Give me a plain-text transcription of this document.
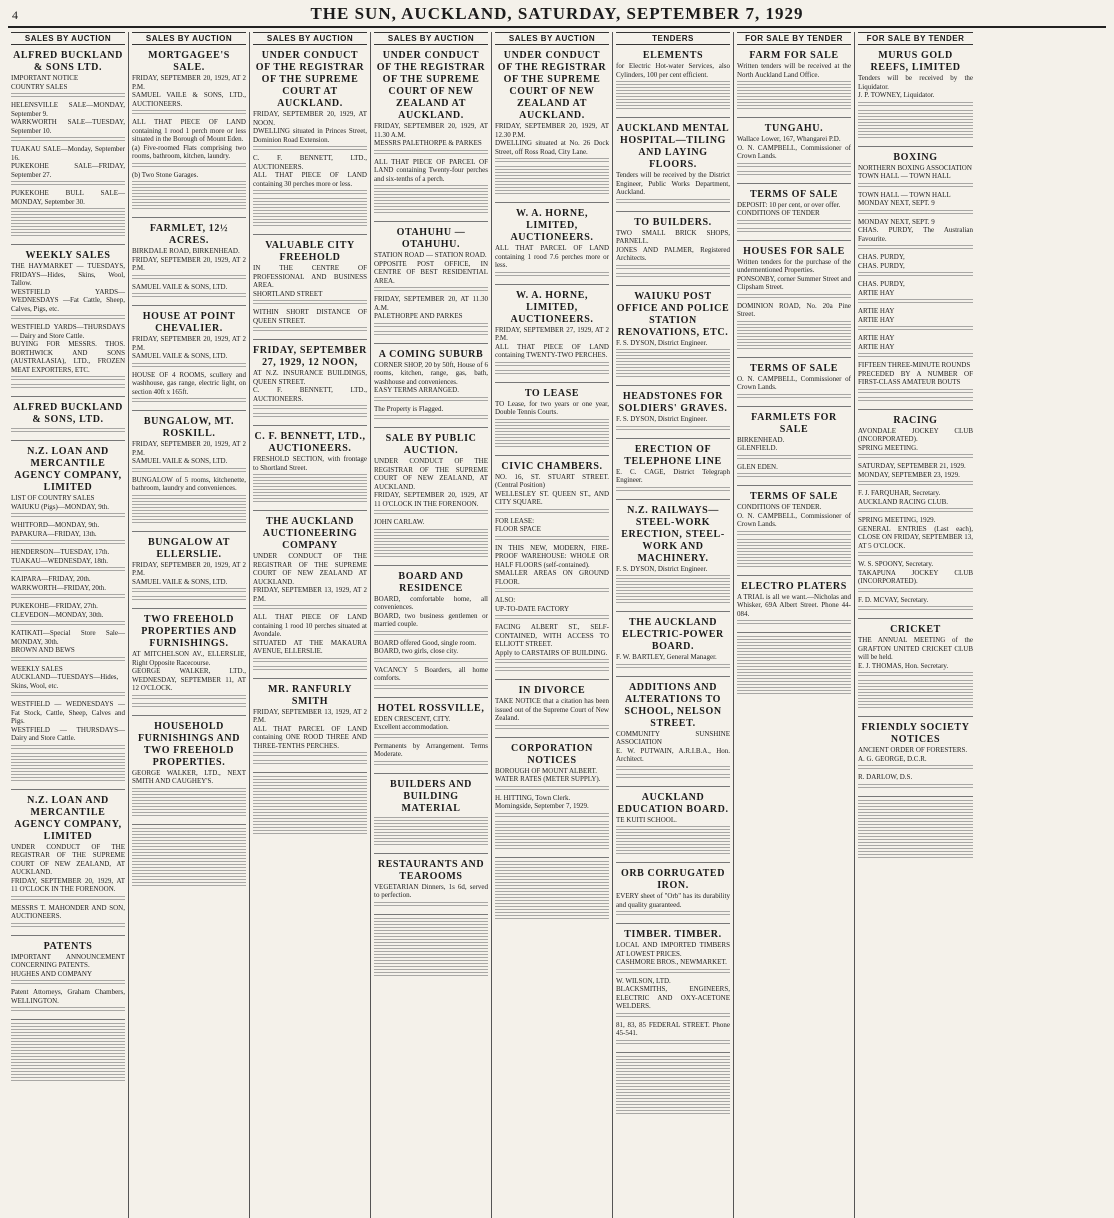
4	THE SUN, AUCKLAND, SATURDAY, SEPTEMBER 7, 1929
SALES BY AUCTION
ALFRED BUCKLAND & SONS LTD.
IMPORTANT NOTICE
COUNTRY SALES
HELENSVILLE SALE—MONDAY, September 9.
WARKWORTH SALE—TUESDAY, September 10.
TUAKAU SALE—Monday, September 16.
PUKEKOHE SALE—FRIDAY, September 27.
PUKEKOHE BULL SALE—MONDAY, September 30.
WEEKLY SALES
THE HAYMARKET — TUESDAYS, FRIDAYS—Hides, Skins, Wool, Tallow.
WESTFIELD YARDS—WEDNESDAYS —Fat Cattle, Sheep, Calves, Pigs, etc.
WESTFIELD YARDS—THURSDAYS— Dairy and Store Cattle.
BUYING FOR MESSRS. THOS. BORTHWICK AND SONS (AUSTRALASIA), LTD., FROZEN MEAT EXPORTERS, ETC.
ALFRED BUCKLAND & SONS, LTD.
N.Z. LOAN AND MERCANTILE AGENCY COMPANY, LIMITED
LIST OF COUNTRY SALES
WAIUKU (Pigs)—MONDAY, 9th.
WHITFORD—MONDAY, 9th.
PAPAKURA—FRIDAY, 13th.
HENDERSON—TUESDAY, 17th.
TUAKAU—WEDNESDAY, 18th.
KAIPARA—FRIDAY, 20th.
WARKWORTH—FRIDAY, 20th.
PUKEKOHE—FRIDAY, 27th.
CLEVEDON—MONDAY, 30th.
KATIKATI—Special Store Sale—MONDAY, 30th.
BROWN AND BEWS
WEEKLY SALES
AUCKLAND—TUESDAYS—Hides, Skins, Wool, etc.
WESTFIELD — WEDNESDAYS — Fat Stock, Cattle, Sheep, Calves and Pigs.
WESTFIELD — THURSDAYS— Dairy and Store Cattle.
N.Z. LOAN AND MERCANTILE AGENCY COMPANY, LIMITED
UNDER CONDUCT OF THE REGISTRAR OF THE SUPREME COURT OF NEW ZEALAND, AT AUCKLAND.
FRIDAY, SEPTEMBER 20, 1929, AT 11 O'CLOCK IN THE FORENOON.
MESSRS T. MAHONDER AND SON, AUCTIONEERS.
PATENTS
IMPORTANT ANNOUNCEMENT CONCERNING PATENTS.
HUGHES AND COMPANY
Patent Attorneys, Graham Chambers, WELLINGTON.
SALES BY AUCTION
MORTGAGEE'S SALE.
FRIDAY, SEPTEMBER 20, 1929, AT 2 P.M.
SAMUEL VAILE & SONS, LTD., AUCTIONEERS.
ALL THAT PIECE OF LAND containing 1 rood 1 perch more or less situated in the Borough of Mount Eden.
(a) Five-roomed Flats comprising two rooms, bathroom, kitchen, laundry.
(b) Two Stone Garages.
FARMLET, 12½ ACRES.
BIRKDALE ROAD, BIRKENHEAD.
FRIDAY, SEPTEMBER 20, 1929, AT 2 P.M.
SAMUEL VAILE & SONS, LTD.
HOUSE AT POINT CHEVALIER.
FRIDAY, SEPTEMBER 20, 1929, AT 2 P.M.
SAMUEL VAILE & SONS, LTD.
HOUSE OF 4 ROOMS, scullery and washhouse, gas range, electric light, on section 40ft x 165ft.
BUNGALOW, MT. ROSKILL.
FRIDAY, SEPTEMBER 20, 1929, AT 2 P.M.
SAMUEL VAILE & SONS, LTD.
BUNGALOW of 5 rooms, kitchenette, bathroom, laundry and conveniences.
BUNGALOW AT ELLERSLIE.
FRIDAY, SEPTEMBER 20, 1929, AT 2 P.M.
SAMUEL VAILE & SONS, LTD.
TWO FREEHOLD PROPERTIES AND FURNISHINGS.
AT MITCHELSON AV., ELLERSLIE, Right Opposite Racecourse.
GEORGE WALKER, LTD., WEDNESDAY, SEPTEMBER 11, AT 12 O'CLOCK.
HOUSEHOLD FURNISHINGS AND TWO FREEHOLD PROPERTIES.
GEORGE WALKER, LTD., NEXT SMITH AND CAUGHEY'S.
SALES BY AUCTION
UNDER CONDUCT OF THE REGISTRAR OF THE SUPREME COURT AT AUCKLAND.
FRIDAY, SEPTEMBER 20, 1929, AT NOON.
DWELLING situated in Princes Street, Dominion Road Extension.
C. F. BENNETT, LTD., AUCTIONEERS.
ALL THAT PIECE OF LAND containing 30 perches more or less.
VALUABLE CITY FREEHOLD
IN THE CENTRE OF PROFESSIONAL AND BUSINESS AREA.
SHORTLAND STREET
WITHIN SHORT DISTANCE OF QUEEN STREET.
FRIDAY, SEPTEMBER 27, 1929, 12 NOON,
AT N.Z. INSURANCE BUILDINGS, QUEEN STREET.
C. F. BENNETT, LTD., AUCTIONEERS.
C. F. BENNETT, LTD., AUCTIONEERS.
FRESHOLD SECTION, with frontage to Shortland Street.
THE AUCKLAND AUCTIONEERING COMPANY
UNDER CONDUCT OF THE REGISTRAR OF THE SUPREME COURT OF NEW ZEALAND AT AUCKLAND.
FRIDAY, SEPTEMBER 13, 1929, AT 2 P.M.
ALL THAT PIECE OF LAND containing 1 rood 10 perches situated at Avondale.
SITUATED AT THE MAKAURA AVENUE, ELLERSLIE.
MR. RANFURLY SMITH
FRIDAY, SEPTEMBER 13, 1929, AT 2 P.M.
ALL THAT PARCEL OF LAND containing ONE ROOD THREE AND THREE-TENTHS PERCHES.
SALES BY AUCTION
UNDER CONDUCT OF THE REGISTRAR OF THE SUPREME COURT OF NEW ZEALAND AT AUCKLAND.
FRIDAY, SEPTEMBER 20, 1929, AT 11.30 A.M.
MESSRS PALETHORPE & PARKES
ALL THAT PIECE OF PARCEL OF LAND containing Twenty-four perches and six-tenths of a perch.
OTAHUHU — OTAHUHU.
STATION ROAD — STATION ROAD.
OPPOSITE POST OFFICE, IN CENTRE OF BEST RESIDENTIAL AREA.
FRIDAY, SEPTEMBER 20, AT 11.30 A.M.
PALETHORPE AND PARKES
A COMING SUBURB
CORNER SHOP, 20 by 50ft, House of 6 rooms, kitchen, range, gas, bath, washhouse and conveniences.
EASY TERMS ARRANGED.
The Property is Flagged.
SALE BY PUBLIC AUCTION.
UNDER CONDUCT OF THE REGISTRAR OF THE SUPREME COURT OF NEW ZEALAND, AT AUCKLAND.
FRIDAY, SEPTEMBER 20, 1929, AT 11 O'CLOCK IN THE FORENOON.
JOHN CARLAW.
BOARD AND RESIDENCE
BOARD, comfortable home, all conveniences.
BOARD, two business gentlemen or married couple.
BOARD offered Good, single room.
BOARD, two girls, close city.
VACANCY 5 Boarders, all home comforts.
HOTEL ROSSVILLE,
EDEN CRESCENT, CITY.
Excellent accommodation.
Permanents by Arrangement. Terms Moderate.
BUILDERS AND BUILDING MATERIAL
RESTAURANTS AND TEAROOMS
VEGETARIAN Dinners, 1s 6d, served to perfection.
SALES BY AUCTION
UNDER CONDUCT OF THE REGISTRAR OF THE SUPREME COURT OF NEW ZEALAND AT AUCKLAND.
FRIDAY, SEPTEMBER 20, 1929, AT 12.30 P.M.
DWELLING situated at No. 26 Dock Street, off Ross Road, City Lane.
W. A. HORNE, LIMITED, AUCTIONEERS.
ALL THAT PARCEL OF LAND containing 1 rood 7.6 perches more or less.
W. A. HORNE, LIMITED, AUCTIONEERS.
FRIDAY, SEPTEMBER 27, 1929, AT 2 P.M.
ALL THAT PIECE OF LAND containing TWENTY-TWO PERCHES.
TO LEASE
TO Lease, for two years or one year, Double Tennis Courts.
CIVIC CHAMBERS.
NO. 16, ST. STUART STREET. (Central Position)
WELLESLEY ST. QUEEN ST., AND CITY SQUARE.
FOR LEASE:
FLOOR SPACE
IN THIS NEW, MODERN, FIRE-PROOF WAREHOUSE: WHOLE OR HALF FLOORS (self-contained).
SMALLER AREAS ON GROUND FLOOR.
ALSO:
UP-TO-DATE FACTORY
FACING ALBERT ST., SELF-CONTAINED, WITH ACCESS TO ELLIOTT STREET.
Apply to CARSTAIRS OF BUILDING.
IN DIVORCE
TAKE NOTICE that a citation has been issued out of the Supreme Court of New Zealand.
CORPORATION NOTICES
BOROUGH OF MOUNT ALBERT.
WATER RATES (METER SUPPLY).
H. HITTING, Town Clerk.
Morningside, September 7, 1929.
TENDERS
ELEMENTS
for Electric Hot-water Services, also Cylinders, 100 per cent efficient.
AUCKLAND MENTAL HOSPITAL—TILING AND LAYING FLOORS.
Tenders will be received by the District Engineer, Public Works Department, Auckland.
TO BUILDERS.
TWO SMALL BRICK SHOPS, PARNELL.
JONES AND PALMER, Registered Architects.
WAIUKU POST OFFICE AND POLICE STATION RENOVATIONS, ETC.
F. S. DYSON, District Engineer.
HEADSTONES FOR SOLDIERS' GRAVES.
F. S. DYSON, District Engineer.
ERECTION OF TELEPHONE LINE
E. C. CAGE, District Telegraph Engineer.
N.Z. RAILWAYS—STEEL-WORK ERECTION, STEEL-WORK AND MACHINERY.
F. S. DYSON, District Engineer.
THE AUCKLAND ELECTRIC-POWER BOARD.
F. W. BARTLEY, General Manager.
ADDITIONS AND ALTERATIONS TO SCHOOL, NELSON STREET.
COMMUNITY SUNSHINE ASSOCIATION
E. W. PUTWAIN, A.R.I.B.A., Hon. Architect.
AUCKLAND EDUCATION BOARD.
TE KUITI SCHOOL.
ORB CORRUGATED IRON.
EVERY sheet of "Orb" has its durability and quality guaranteed.
TIMBER. TIMBER.
LOCAL AND IMPORTED TIMBERS AT LOWEST PRICES.
CASHMORE BROS., NEWMARKET.
W. WILSON, LTD.
BLACKSMITHS, ENGINEERS, ELECTRIC AND OXY-ACETONE WELDERS.
81, 83, 85 FEDERAL STREET. Phone 45-541.
FOR SALE BY TENDER
FARM FOR SALE
Written tenders will be received at the North Auckland Land Office.
TUNGAHU.
Wallace Lower, 167, Whangarei P.D.
O. N. CAMPBELL, Commissioner of Crown Lands.
TERMS OF SALE
DEPOSIT: 10 per cent, or over offer.
CONDITIONS OF TENDER
HOUSES FOR SALE
Written tenders for the purchase of the undermentioned Properties.
PONSONBY, corner Summer Street and Clipsham Street.
DOMINION ROAD, No. 20a Pine Street.
TERMS OF SALE
O. N. CAMPBELL, Commissioner of Crown Lands.
FARMLETS FOR SALE
BIRKENHEAD.
GLENFIELD.
GLEN EDEN.
TERMS OF SALE
CONDITIONS OF TENDER.
O. N. CAMPBELL, Commissioner of Crown Lands.
ELECTRO PLATERS
A TRIAL is all we want.—Nicholas and Whisker, 69A Albert Street. Phone 44-084.
FOR SALE BY TENDER
MURUS GOLD REEFS, LIMITED
Tenders will be received by the Liquidator.
J. P. TOWNEY, Liquidator.
BOXING
NORTHERN BOXING ASSOCIATION
TOWN HALL — TOWN HALL
TOWN HALL — TOWN HALL
MONDAY NEXT, SEPT. 9
MONDAY NEXT, SEPT. 9
CHAS. PURDY, The Australian Favourite.
CHAS. PURDY,
CHAS. PURDY,
CHAS. PURDY,
ARTIE HAY
ARTIE HAY
ARTIE HAY
ARTIE HAY
ARTIE HAY
FIFTEEN THREE-MINUTE ROUNDS
PRECEDED BY A NUMBER OF FIRST-CLASS AMATEUR BOUTS
RACING
AVONDALE JOCKEY CLUB (INCORPORATED).
SPRING MEETING.
SATURDAY, SEPTEMBER 21, 1929.
MONDAY, SEPTEMBER 23, 1929.
F. J. FARQUHAR, Secretary.
AUCKLAND RACING CLUB.
SPRING MEETING, 1929.
GENERAL ENTRIES (Last each), CLOSE ON FRIDAY, SEPTEMBER 13, AT 5 O'CLOCK.
W. S. SPOONY, Secretary.
TAKAPUNA JOCKEY CLUB (INCORPORATED).
F. D. MCVAY, Secretary.
CRICKET
THE ANNUAL MEETING of the GRAFTON UNITED CRICKET CLUB will be held.
E. J. THOMAS, Hon. Secretary.
FRIENDLY SOCIETY NOTICES
ANCIENT ORDER OF FORESTERS.
A. G. GEORGE, D.C.R.
R. DARLOW, D.S.
